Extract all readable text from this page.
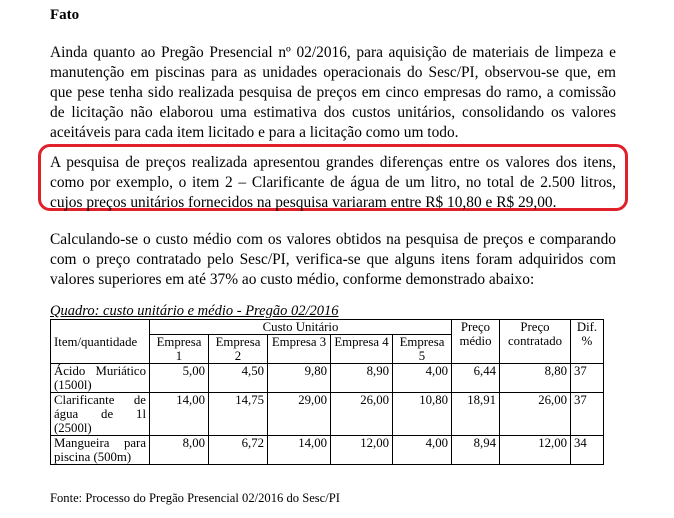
Fato
Ainda quanto ao Pregão Presencial nº 02/2016, para aquisição de materiais de limpeza e
manutenção em piscinas para as unidades operacionais do Sesc/PI, observou-se que, em
que pese tenha sido realizada pesquisa de preços em cinco empresas do ramo, a comissão
de licitação não elaborou uma estimativa dos custos unitários, consolidando os valores
aceitáveis para cada item licitado e para a licitação como um todo.
A pesquisa de preços realizada apresentou grandes diferenças entre os valores dos itens,
como por exemplo, o item 2 – Clarificante de água de um litro, no total de 2.500 litros,
cujos preços unitários fornecidos na pesquisa variaram entre R$ 10,80 e R$ 29,00.
Calculando-se o custo médio com os valores obtidos na pesquisa de preços e comparando
com o preço contratado pelo Sesc/PI, verifica-se que alguns itens foram adquiridos com
valores superiores em até 37% ao custo médio, conforme demonstrado abaixo:
Quadro: custo unitário e médio - Pregão 02/2016
Item/quantidade	Custo Unitário					Preço médio	Preço contratado	Dif. %
	Empresa 1	Empresa 2	Empresa 3	Empresa 4	Empresa 5			
Ácido Muriático (1500l)	5,00	4,50	9,80	8,90	4,00	6,44	8,80	37
Clarificante de água de 1l (2500l)	14,00	14,75	29,00	26,00	10,80	18,91	26,00	37
Mangueira para piscina (500m)	8,00	6,72	14,00	12,00	4,00	8,94	12,00	34
Fonte: Processo do Pregão Presencial 02/2016 do Sesc/PI
